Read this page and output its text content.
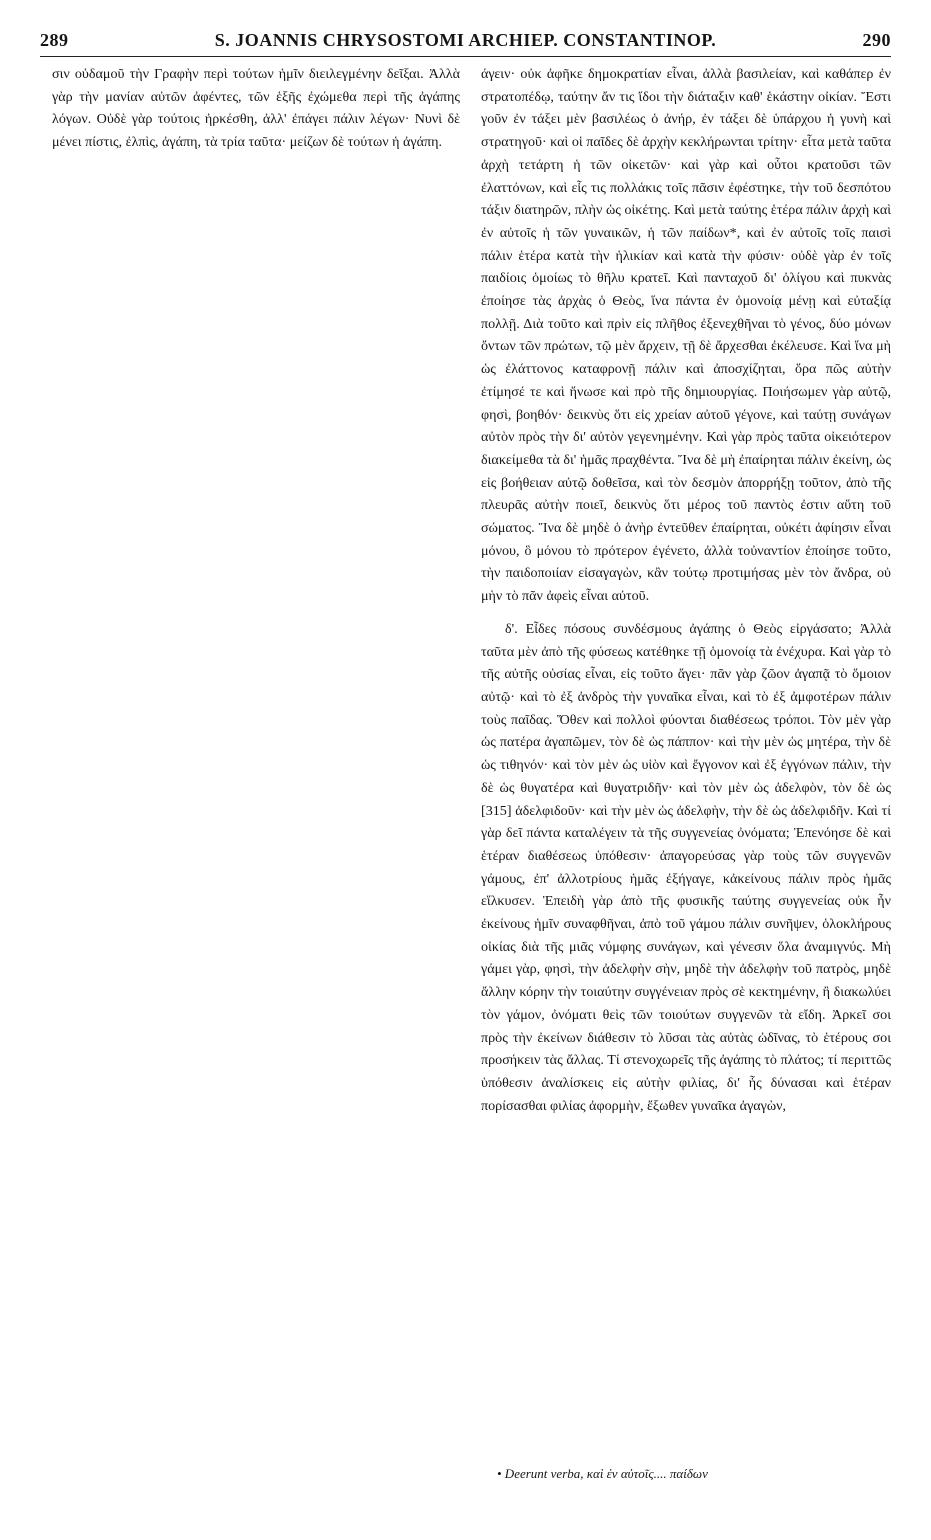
289	S. JOANNIS CHRYSOSTOMI ARCHIEP. CONSTANTINOP.	290

σιν οὐδαμοῦ τὴν Γραφὴν περὶ τούτων ἡμῖν διειλεγμένην δεῖξαι. Ἀλλὰ γὰρ τὴν μανίαν αὐτῶν ἀφέντες, τῶν ἑξῆς ἐχώμεθα περὶ τῆς ἀγάπης λόγων. Οὐδὲ γὰρ τούτοις ἠρκέσθη, ἀλλ' ἐπάγει πάλιν λέγων· Νυνὶ δὲ μένει πίστις, ἐλπὶς, ἀγάπη, τὰ τρία ταῦτα· μείζων δὲ τούτων ἡ ἀγάπη.

άγειν· οὐκ ἀφῆκε δημοκρατίαν εἶναι, ἀλλὰ βασιλείαν, καὶ καθάπερ ἐν στρατοπέδῳ, ταύτην ἄν τις ἴδοι τὴν διάταξιν καθ' ἑκάστην οἰκίαν. Ἔστι γοῦν ἐν τάξει μὲν βασιλέως ὁ ἀνήρ, ἐν τάξει δὲ ὑπάρχου ἡ γυνὴ καὶ στρατηγοῦ· καὶ οἱ παῖδες δὲ ἀρχὴν κεκλήρωνται τρίτην· εἶτα μετὰ ταῦτα ἀρχὴ τετάρτη ἡ τῶν οἰκετῶν· καὶ γὰρ καὶ οὗτοι κρατοῦσι τῶν ἐλαττόνων, καὶ εἷς τις πολλάκις τοῖς πᾶσιν ἐφέστηκε, τὴν τοῦ δεσπότου τάξιν διατηρῶν, πλὴν ὡς οἰκέτης. Καὶ μετὰ ταύτης ἑτέρα πάλιν ἀρχὴ καὶ ἐν αὐτοῖς ἡ τῶν γυναικῶν, ἡ τῶν παίδων*, καὶ ἐν αὐτοῖς τοῖς παισὶ πάλιν ἑτέρα κατὰ τὴν ἡλικίαν καὶ κατὰ τὴν φύσιν· οὐδὲ γὰρ ἐν τοῖς παιδίοις ὁμοίως τὸ θῆλυ κρατεῖ. Καὶ πανταχοῦ δι' ὀλίγου καὶ πυκνὰς ἐποίησε τὰς ἀρχὰς ὁ Θεὸς, ἵνα πάντα ἐν ὁμονοίᾳ μένῃ καὶ εὐταξίᾳ πολλῇ. Διὰ τοῦτο καὶ πρὶν εἰς πλῆθος ἐξενεχθῆναι τὸ γένος, δύο μόνων ὄντων τῶν πρώτων, τῷ μὲν ἄρχειν, τῇ δὲ ἄρχεσθαι ἐκέλευσε. Καὶ ἵνα μὴ ὡς ἐλάττονος καταφρονῇ πάλιν καὶ ἀποσχίζηται, ὅρα πῶς αὐτὴν ἐτίμησέ τε καὶ ἥνωσε καὶ πρὸ τῆς δημιουργίας. Ποιήσωμεν γὰρ αὐτῷ, φησὶ, βοηθόν· δεικνὺς ὅτι εἰς χρείαν αὐτοῦ γέγονε, καὶ ταύτῃ συνάγων αὐτὸν πρὸς τὴν δι' αὐτὸν γεγενημένην. Καὶ γὰρ πρὸς ταῦτα οἰκειότερον διακείμεθα τὰ δι' ἡμᾶς πραχθέντα. Ἵνα δὲ μὴ ἐπαίρηται πάλιν ἐκείνη, ὡς εἰς βοήθειαν αὐτῷ δοθεῖσα, καὶ τὸν δεσμὸν ἀπορρήξῃ τοῦτον, ἀπὸ τῆς πλευρᾶς αὐτὴν ποιεῖ, δεικνὺς ὅτι μέρος τοῦ παντὸς ἐστιν αὕτη τοῦ σώματος. Ἵνα δὲ μηδὲ ὁ ἀνὴρ ἐντεῦθεν ἐπαίρηται, οὐκέτι ἀφίησιν εἶναι μόνου, ὃ μόνου τὸ πρότερον ἐγένετο, ἀλλὰ τοὐναντίον ἐποίησε τοῦτο, τὴν παιδοποιίαν εἰσαγαγὼν, κἂν τούτῳ προτιμήσας μὲν τὸν ἄνδρα, οὐ μὴν τὸ πᾶν ἀφεὶς εἶναι αὐτοῦ.

δ'. Εἶδες πόσους συνδέσμους ἀγάπης ὁ Θεὸς εἰργάσατο; Ἀλλὰ ταῦτα μὲν ἀπὸ τῆς φύσεως κατέθηκε τῇ ὁμονοίᾳ τὰ ἐνέχυρα. Καὶ γὰρ τὸ τῆς αὐτῆς οὐσίας εἶναι, εἰς τοῦτο ἄγει· πᾶν γὰρ ζῶον ἀγαπᾷ τὸ ὅμοιον αὐτῷ· καὶ τὸ ἐξ ἀνδρὸς τὴν γυναῖκα εἶναι, καὶ τὸ ἐξ ἀμφοτέρων πάλιν τοὺς παῖδας. Ὅθεν καὶ πολλοὶ φύονται διαθέσεως τρόποι. Τὸν μὲν γὰρ ὡς πατέρα ἀγαπῶμεν, τὸν δὲ ὡς πάππον· καὶ τὴν μὲν ὡς μητέρα, τὴν δὲ ὡς τιθηνόν· καὶ τὸν μὲν ὡς υἱὸν καὶ ἔγγονον καὶ ἐξ ἐγγόνων πάλιν, τὴν δὲ ὡς θυγατέρα καὶ θυγατριδῆν· καὶ τὸν μὲν ὡς ἀδελφὸν, τὸν δὲ ὡς [315] ἀδελφιδοῦν· καὶ τὴν μὲν ὡς ἀδελφὴν, τὴν δὲ ὡς ἀδελφιδῆν. Καὶ τί γὰρ δεῖ πάντα καταλέγειν τὰ τῆς συγγενείας ὀνόματα; Ἐπενόησε δὲ καὶ ἑτέραν διαθέσεως ὑπόθεσιν· ἀπαγορεύσας γὰρ τοὺς τῶν συγγενῶν γάμους, ἐπ' ἀλλοτρίους ἡμᾶς ἐξήγαγε, κἀκείνους πάλιν πρὸς ἡμᾶς εἵλκυσεν. Ἐπειδὴ γὰρ ἀπὸ τῆς φυσικῆς ταύτης συγγενείας οὐκ ἦν ἐκείνους ἡμῖν συναφθῆναι, ἀπὸ τοῦ γάμου πάλιν συνῆψεν, ὁλοκλήρους οἰκίας διὰ τῆς μιᾶς νύμφης συνάγων, καὶ γένεσιν ὅλα ἀναμιγνύς. Μὴ γάμει γὰρ, φησὶ, τὴν ἀδελφὴν σὴν, μηδὲ τὴν ἀδελφὴν τοῦ πατρὸς, μηδὲ ἄλλην κόρην τὴν τοιαύτην συγγένειαν πρὸς σὲ κεκτημένην, ἢ διακωλύει τὸν γάμον, ὀνόματι θεὶς τῶν τοιούτων συγγενῶν τὰ εἴδη. Ἀρκεῖ σοι πρὸς τὴν ἐκείνων διάθεσιν τὸ λῦσαι τὰς αὐτὰς ὠδῖνας, τὸ ἑτέρους σοι προσήκειν τὰς ἄλλας. Τί στενοχωρεῖς τῆς ἀγάπης τὸ πλάτος; τί περιττῶς ὑπόθεσιν ἀναλίσκεις εἰς αὐτὴν φιλίας, δι' ἧς δύνασαι καὶ ἑτέραν πορίσασθαι φιλίας ἀφορμὴν, ἔξωθεν γυναῖκα ἀγαγὼν,

• Deerunt verba, καὶ ἐν αὐτοῖς.... παίδων
